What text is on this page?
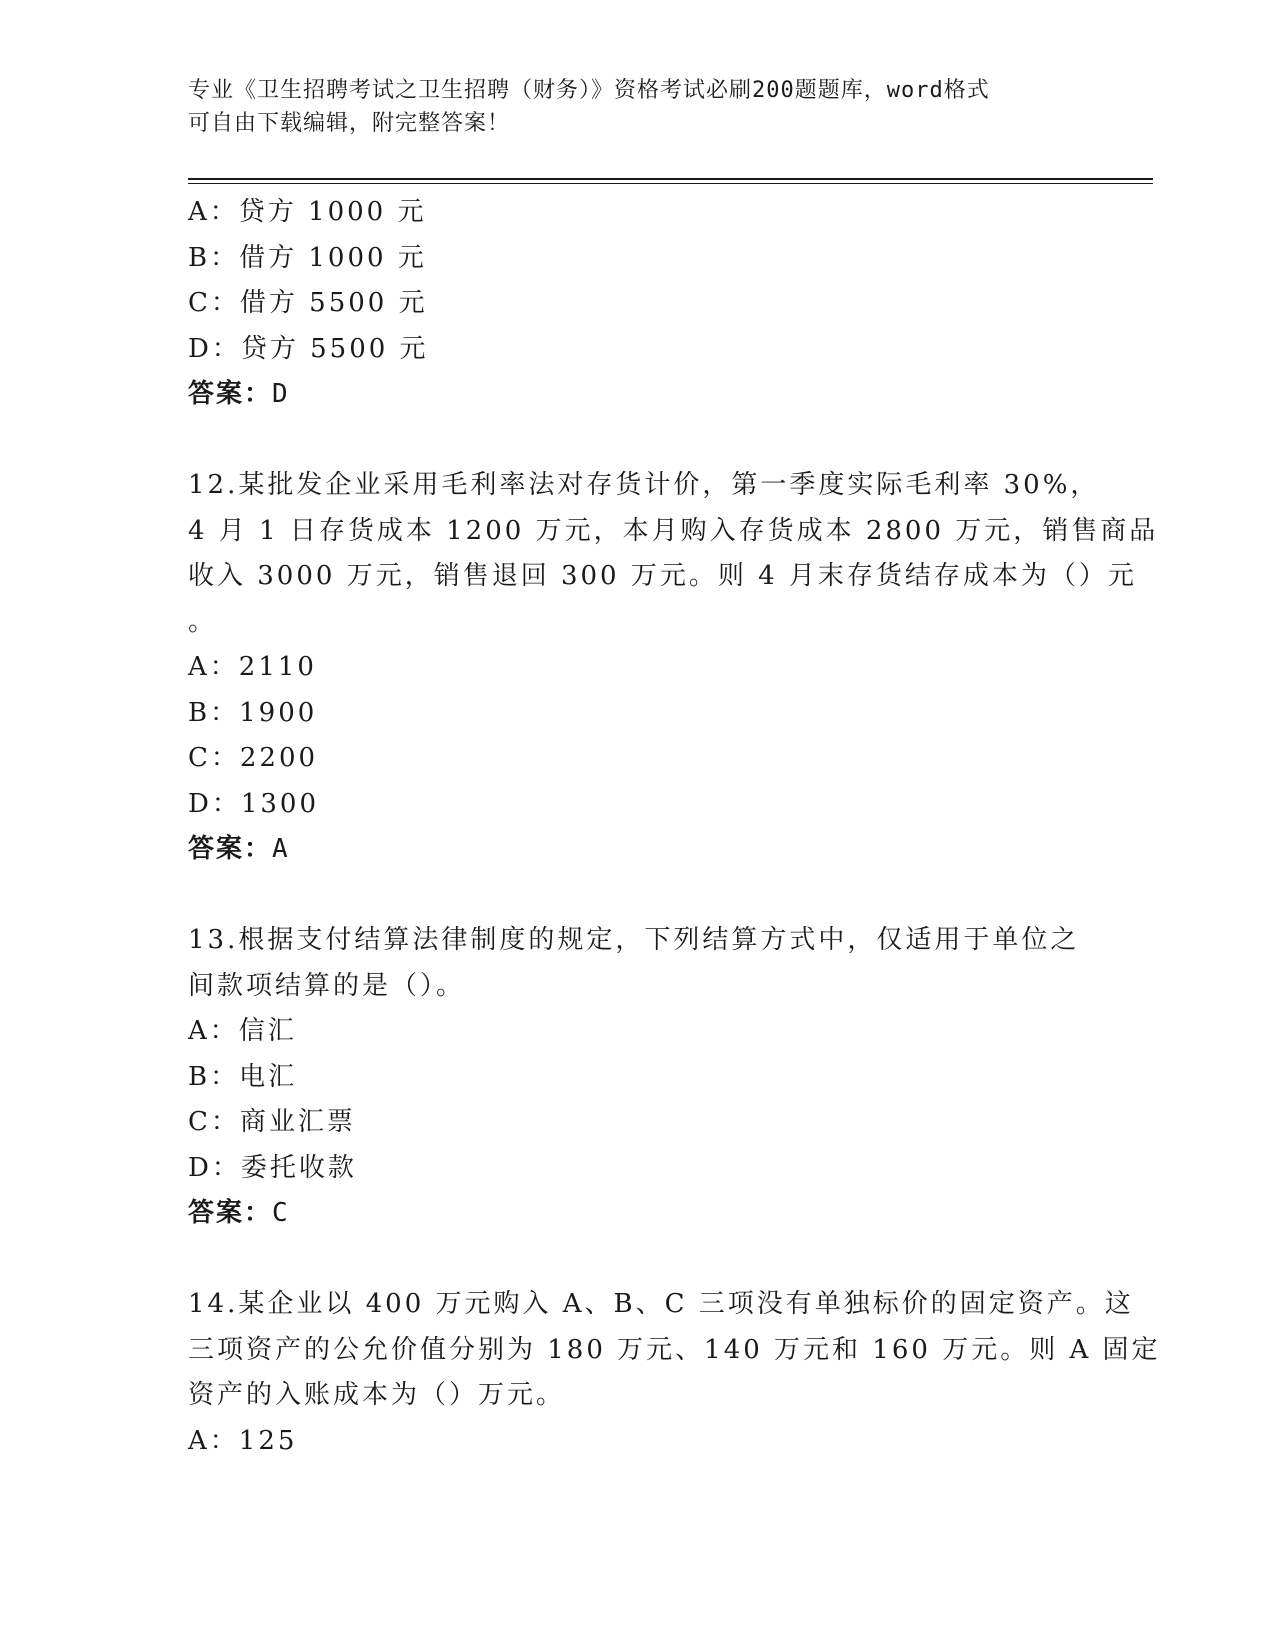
专业《卫生招聘考试之卫生招聘（财务）》资格考试必刷200题题库，word格式
可自由下载编辑，附完整答案！
A：贷方 1000 元
B：借方 1000 元
C：借方 5500 元
D：贷方 5500 元
答案：D
12.某批发企业采用毛利率法对存货计价，第一季度实际毛利率 30%，
4 月 1 日存货成本 1200 万元，本月购入存货成本 2800 万元，销售商品
收入 3000 万元，销售退回 300 万元。则 4 月末存货结存成本为（）元
。
A：2110
B：1900
C：2200
D：1300
答案：A
13.根据支付结算法律制度的规定，下列结算方式中，仅适用于单位之
间款项结算的是（）。
A：信汇
B：电汇
C：商业汇票
D：委托收款
答案：C
14.某企业以 400 万元购入 A、B、C 三项没有单独标价的固定资产。这
三项资产的公允价值分别为 180 万元、140 万元和 160 万元。则 A 固定
资产的入账成本为（）万元。
A：125
